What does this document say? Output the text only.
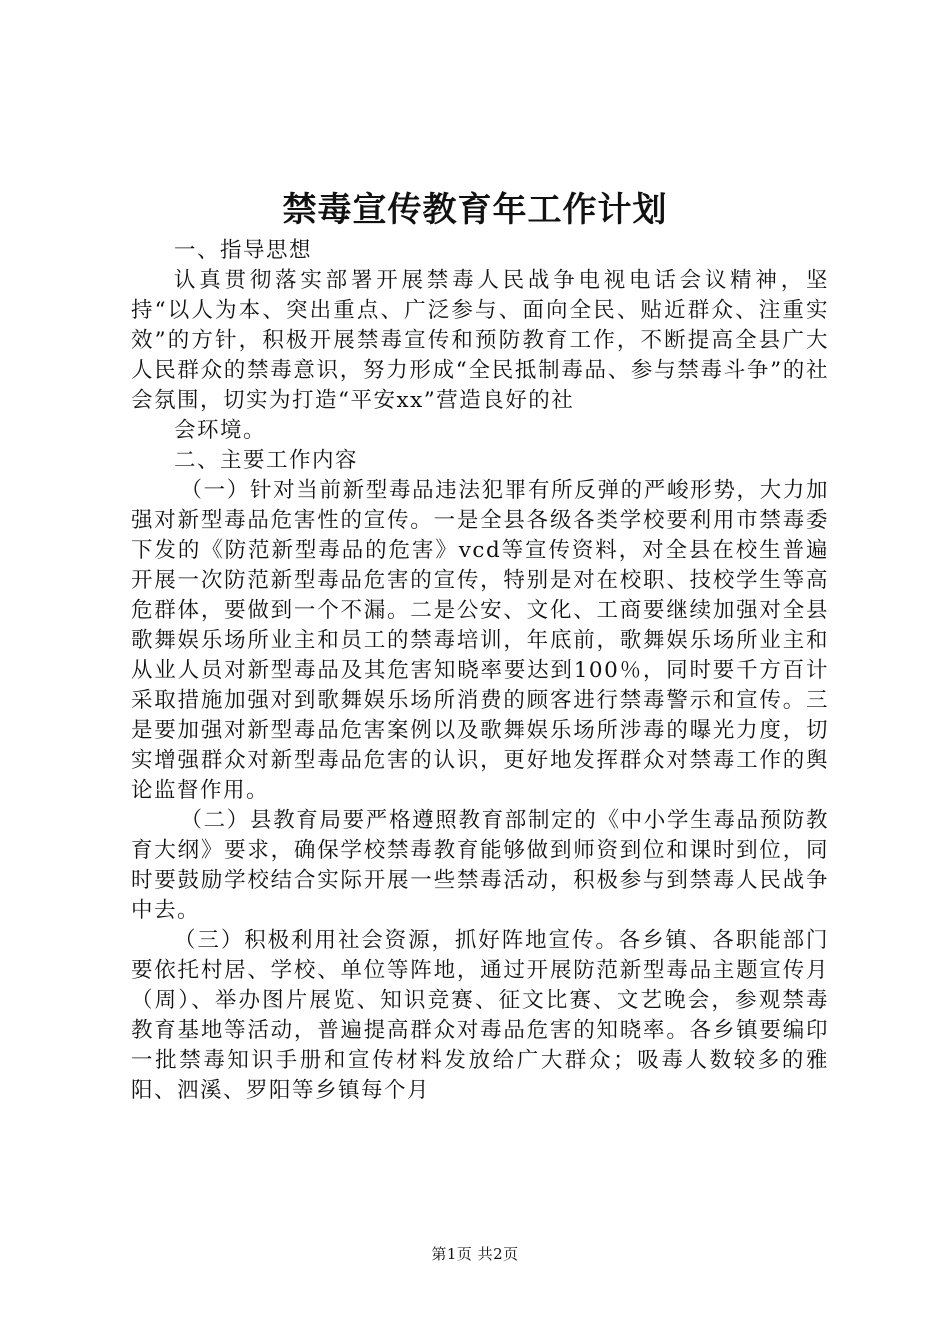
禁毒宣传教育年工作计划

一、指导思想

认真贯彻落实部署开展禁毒人民战争电视电话会议精神，坚持“以人为本、突出重点、广泛参与、面向全民、贴近群众、注重实效”的方针，积极开展禁毒宣传和预防教育工作，不断提高全县广大人民群众的禁毒意识，努力形成“全民抵制毒品、参与禁毒斗争”的社会氛围，切实为打造“平安xx”营造良好的社

会环境。

二、主要工作内容

（一）针对当前新型毒品违法犯罪有所反弹的严峻形势，大力加强对新型毒品危害性的宣传。一是全县各级各类学校要利用市禁毒委下发的《防范新型毒品的危害》vcd等宣传资料，对全县在校生普遍开展一次防范新型毒品危害的宣传，特别是对在校职、技校学生等高危群体，要做到一个不漏。二是公安、文化、工商要继续加强对全县歌舞娱乐场所业主和员工的禁毒培训，年底前，歌舞娱乐场所业主和从业人员对新型毒品及其危害知晓率要达到100％，同时要千方百计采取措施加强对到歌舞娱乐场所消费的顾客进行禁毒警示和宣传。三是要加强对新型毒品危害案例以及歌舞娱乐场所涉毒的曝光力度，切实增强群众对新型毒品危害的认识，更好地发挥群众对禁毒工作的舆论监督作用。

（二）县教育局要严格遵照教育部制定的《中小学生毒品预防教育大纲》要求，确保学校禁毒教育能够做到师资到位和课时到位，同时要鼓励学校结合实际开展一些禁毒活动，积极参与到禁毒人民战争中去。

（三）积极利用社会资源，抓好阵地宣传。各乡镇、各职能部门要依托村居、学校、单位等阵地，通过开展防范新型毒品主题宣传月（周）、举办图片展览、知识竞赛、征文比赛、文艺晚会，参观禁毒教育基地等活动，普遍提高群众对毒品危害的知晓率。各乡镇要编印一批禁毒知识手册和宣传材料发放给广大群众；吸毒人数较多的雅阳、泗溪、罗阳等乡镇每个月

第1页 共2页
